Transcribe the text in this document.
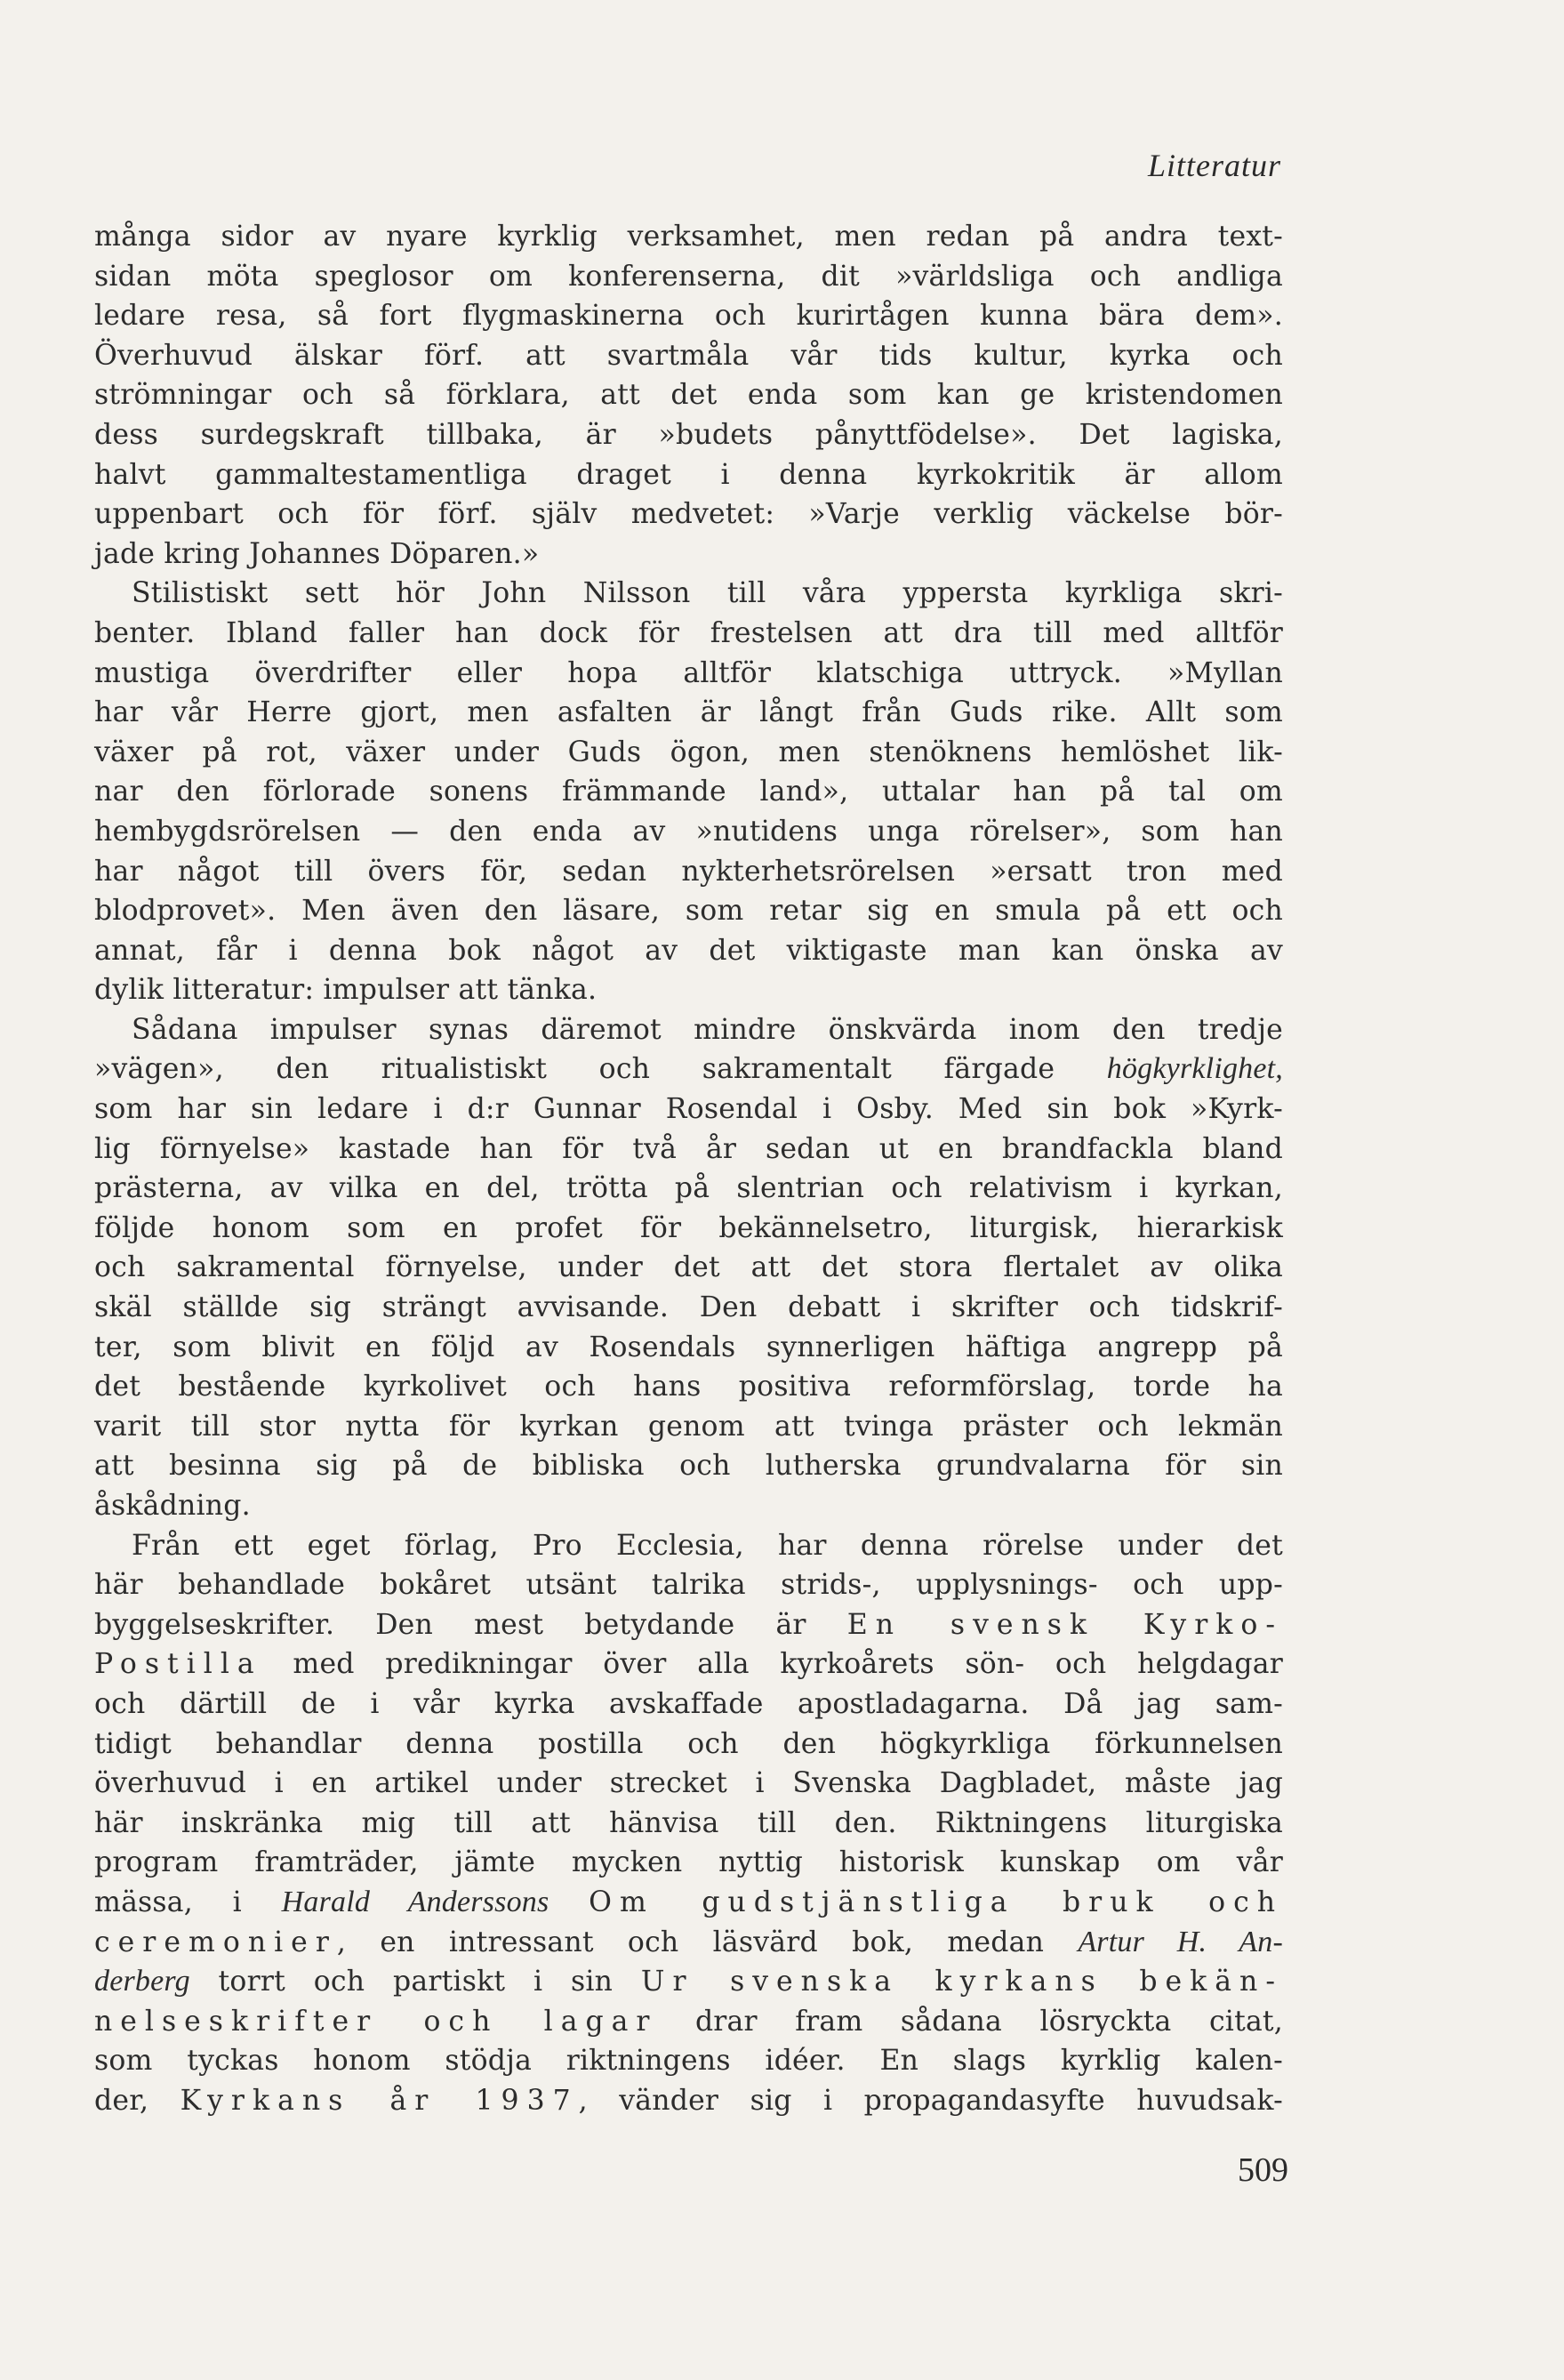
Litteratur
många sidor av nyare kyrklig verksamhet, men redan på andra text-
sidan möta speglosor om konferenserna, dit »världsliga och andliga
ledare resa, så fort flygmaskinerna och kurirtågen kunna bära dem».
Överhuvud älskar förf. att svartmåla vår tids kultur, kyrka och
strömningar och så förklara, att det enda som kan ge kristendomen
dess surdegskraft tillbaka, är »budets pånyttfödelse». Det lagiska,
halvt gammaltestamentliga draget i denna kyrkokritik är allom
uppenbart och för förf. själv medvetet: »Varje verklig väckelse bör-
jade kring Johannes Döparen.»
Stilistiskt sett hör John Nilsson till våra yppersta kyrkliga skri-
benter. Ibland faller han dock för frestelsen att dra till med alltför
mustiga överdrifter eller hopa alltför klatschiga uttryck. »Myllan
har vår Herre gjort, men asfalten är långt från Guds rike. Allt som
växer på rot, växer under Guds ögon, men stenöknens hemlöshet lik-
nar den förlorade sonens främmande land», uttalar han på tal om
hembygdsrörelsen — den enda av »nutidens unga rörelser», som han
har något till övers för, sedan nykterhetsrörelsen »ersatt tron med
blodprovet». Men även den läsare, som retar sig en smula på ett och
annat, får i denna bok något av det viktigaste man kan önska av
dylik litteratur: impulser att tänka.
Sådana impulser synas däremot mindre önskvärda inom den tredje
»vägen», den ritualistiskt och sakramentalt färgade högkyrklighet,
som har sin ledare i d:r Gunnar Rosendal i Osby. Med sin bok »Kyrk-
lig förnyelse» kastade han för två år sedan ut en brandfackla bland
prästerna, av vilka en del, trötta på slentrian och relativism i kyrkan,
följde honom som en profet för bekännelsetro, liturgisk, hierarkisk
och sakramental förnyelse, under det att det stora flertalet av olika
skäl ställde sig strängt avvisande. Den debatt i skrifter och tidskrif-
ter, som blivit en följd av Rosendals synnerligen häftiga angrepp på
det bestående kyrkolivet och hans positiva reformförslag, torde ha
varit till stor nytta för kyrkan genom att tvinga präster och lekmän
att besinna sig på de bibliska och lutherska grundvalarna för sin
åskådning.
Från ett eget förlag, Pro Ecclesia, har denna rörelse under det
här behandlade bokåret utsänt talrika strids-, upplysnings- och upp-
byggelseskrifter. Den mest betydande är En svensk Kyrko-
Postilla med predikningar över alla kyrkoårets sön- och helgdagar
och därtill de i vår kyrka avskaffade apostladagarna. Då jag sam-
tidigt behandlar denna postilla och den högkyrkliga förkunnelsen
överhuvud i en artikel under strecket i Svenska Dagbladet, måste jag
här inskränka mig till att hänvisa till den. Riktningens liturgiska
program framträder, jämte mycken nyttig historisk kunskap om vår
mässa, i Harald Anderssons Om gudstjänstliga bruk och
ceremonier, en intressant och läsvärd bok, medan Artur H. An-
derberg torrt och partiskt i sin Ur svenska kyrkans bekän-
nelseskrifter och lagar drar fram sådana lösryckta citat,
som tyckas honom stödja riktningens idéer. En slags kyrklig kalen-
der, Kyrkans år 1937, vänder sig i propagandasyfte huvudsak-
509
